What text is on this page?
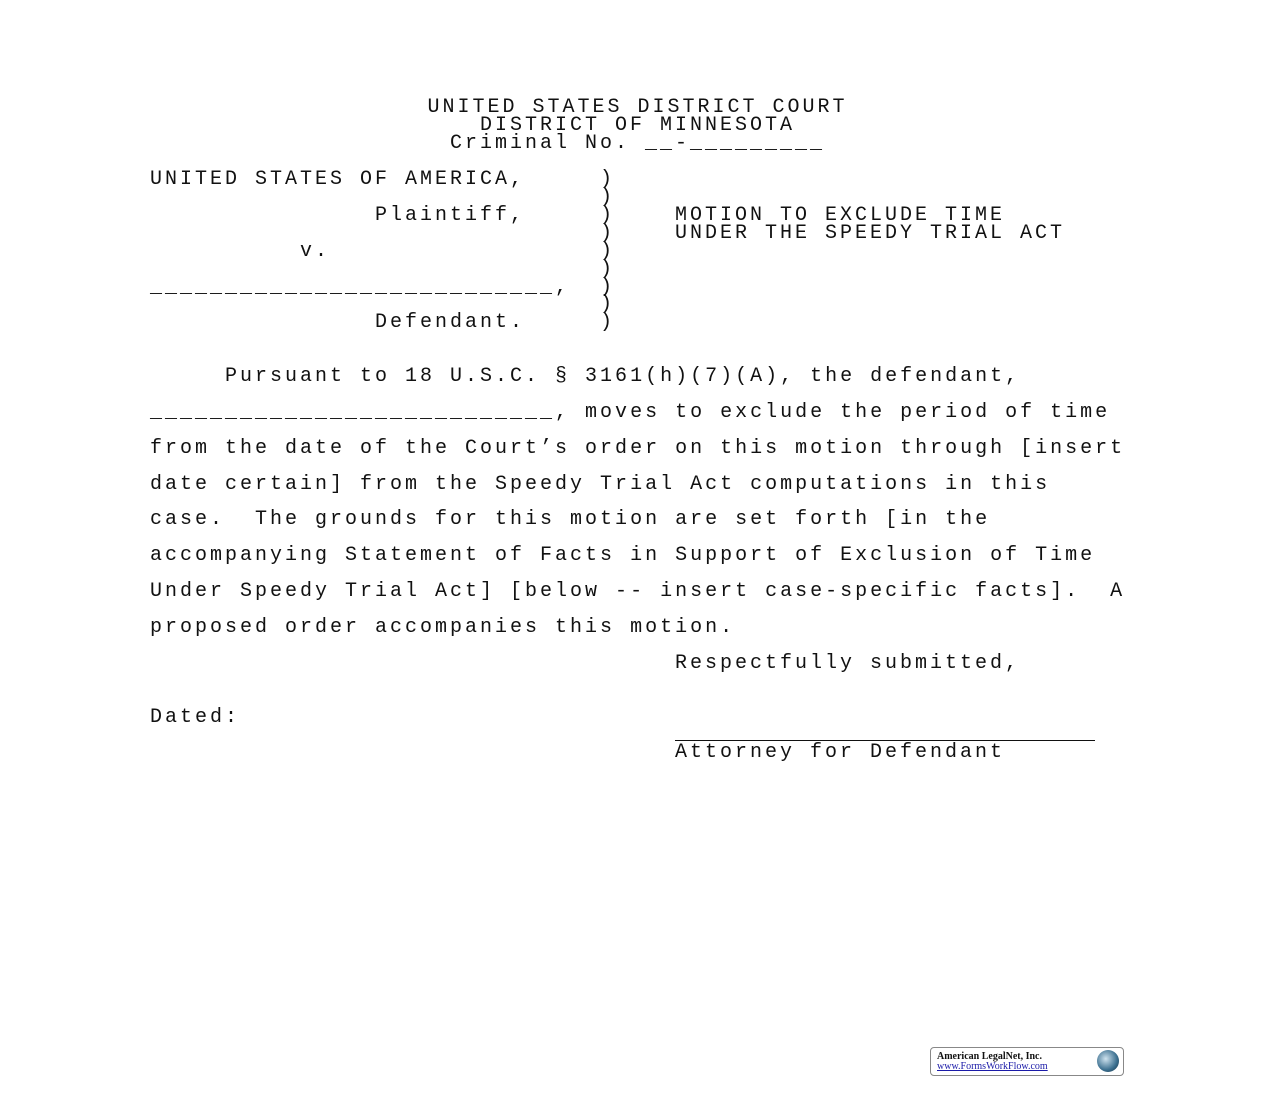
UNITED STATES DISTRICT COURT
DISTRICT OF MINNESOTA
Criminal No. __-_________
UNITED STATES OF AMERICA,
Plaintiff,
v.
___________________________,
Defendant.
)
)
)
)
)
)
)
)
)
MOTION TO EXCLUDE TIME
UNDER THE SPEEDY TRIAL ACT
Pursuant to 18 U.S.C. § 3161(h)(7)(A), the defendant,
___________________________, moves to exclude the period of time
from the date of the Court’s order on this motion through [insert
date certain] from the Speedy Trial Act computations in this
case.  The grounds for this motion are set forth [in the
accompanying Statement of Facts in Support of Exclusion of Time
Under Speedy Trial Act] [below -- insert case-specific facts].  A
proposed order accompanies this motion.
Respectfully submitted,
Dated:
Attorney for Defendant
American LegalNet, Inc.
www.FormsWorkFlow.com
